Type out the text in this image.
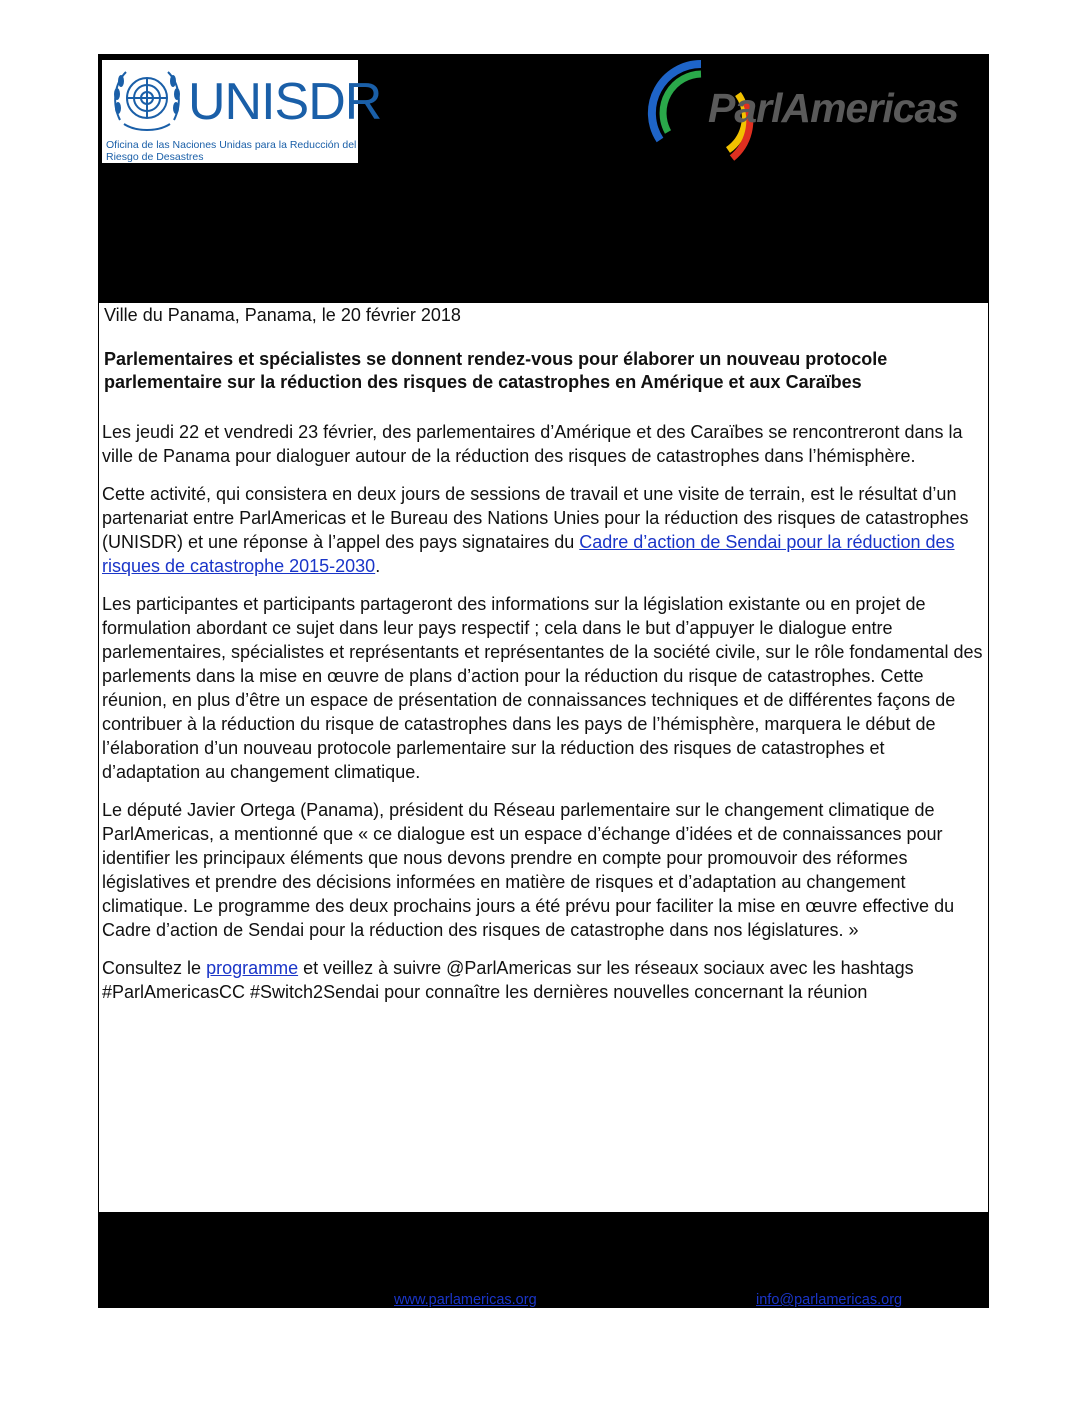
UNISDR
Oficina de las Naciones Unidas para la Reducción del Riesgo de Desastres
ParlAmericas
Ville du Panama, Panama, le 20 février 2018
Parlementaires et spécialistes se donnent rendez-vous pour élaborer un nouveau protocole parlementaire sur la réduction des risques de catastrophes en Amérique et aux Caraïbes

Les jeudi 22 et vendredi 23 février, des parlementaires d’Amérique et des Caraïbes se rencontreront dans la ville de Panama pour dialoguer autour de la réduction des risques de catastrophes dans l’hémisphère.

Cette activité, qui consistera en deux jours de sessions de travail et une visite de terrain, est le résultat d’un partenariat entre ParlAmericas et le Bureau des Nations Unies pour la réduction des risques de catastrophes (UNISDR) et une réponse à l’appel des pays signataires du Cadre d’action de Sendai pour la réduction des risques de catastrophe 2015-2030.

Les participantes et participants partageront des informations sur la législation existante ou en projet de formulation abordant ce sujet dans leur pays respectif ; cela dans le but d’appuyer le dialogue entre parlementaires, spécialistes et représentants et représentantes de la société civile, sur le rôle fondamental des parlements dans la mise en œuvre de plans d’action pour la réduction du risque de catastrophes. Cette réunion, en plus d’être un espace de présentation de connaissances techniques et de différentes façons de contribuer à la réduction du risque de catastrophes dans les pays de l’hémisphère, marquera le début de l’élaboration d’un nouveau protocole parlementaire sur la réduction des risques de catastrophes et d’adaptation au changement climatique.

Le député Javier Ortega (Panama), président du Réseau parlementaire sur le changement climatique de ParlAmericas, a mentionné que « ce dialogue est un espace d’échange d’idées et de connaissances pour identifier les principaux éléments que nous devons prendre en compte pour promouvoir des réformes législatives et prendre des décisions informées en matière de risques et d’adaptation au changement climatique. Le programme des deux prochains jours a été prévu pour faciliter la mise en œuvre effective du Cadre d’action de Sendai pour la réduction des risques de catastrophe dans nos législatures. »

Consultez le programme et veillez à suivre @ParlAmericas sur les réseaux sociaux avec les hashtags #ParlAmericasCC #Switch2Sendai pour connaître les dernières nouvelles concernant la réunion

www.parlamericas.org	info@parlamericas.org
